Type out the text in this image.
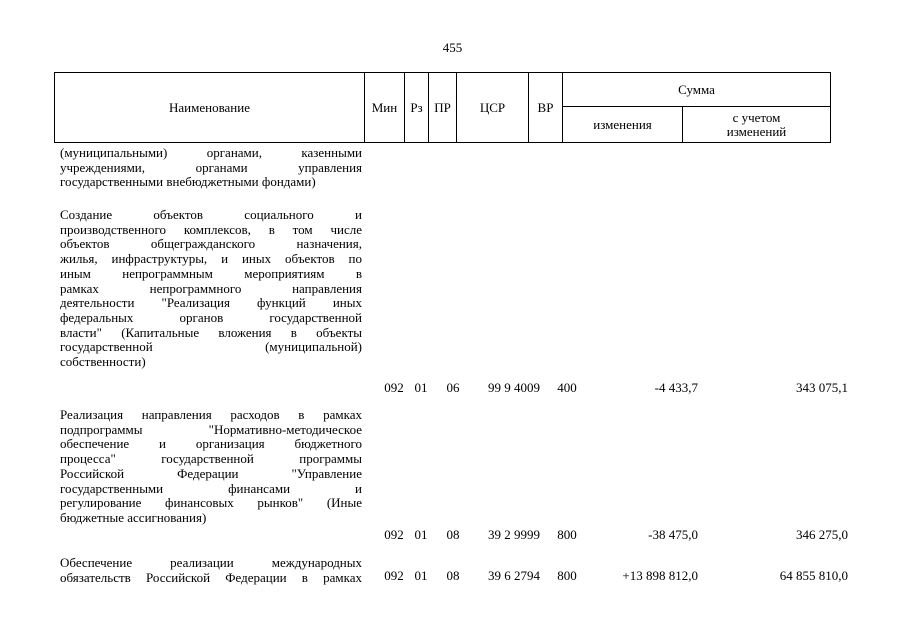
455
Наименование	Мин	Рз	ПР	ЦСР	ВР	Сумма	
						изменения	с учетом
изменений
(муниципальными) органами, казенными
учреждениями, органами управления
государственными внебюджетными фондами)
Создание объектов социального и
производственного комплексов, в том числе
объектов общегражданского назначения,
жилья, инфраструктуры, и иных объектов по
иным непрограммным мероприятиям в
рамках непрограммного направления
деятельности "Реализация функций иных
федеральных органов государственной
власти" (Капитальные вложения в объекты
государственной (муниципальной)
собственности)
092 01	06	99 9 4009	400	-4 433,7	343 075,1
Реализация направления расходов в рамках
подпрограммы "Нормативно-методическое
обеспечение и организация бюджетного
процесса" государственной программы
Российской Федерации "Управление
государственными финансами и
регулирование финансовых рынков" (Иные
бюджетные ассигнования)
092 01	08	39 2 9999	800	-38 475,0	346 275,0
Обеспечение реализации международных
обязательств Российской Федерации в рамках 092 01	08	39 6 2794	800	+13 898 812,0	64 855 810,0
